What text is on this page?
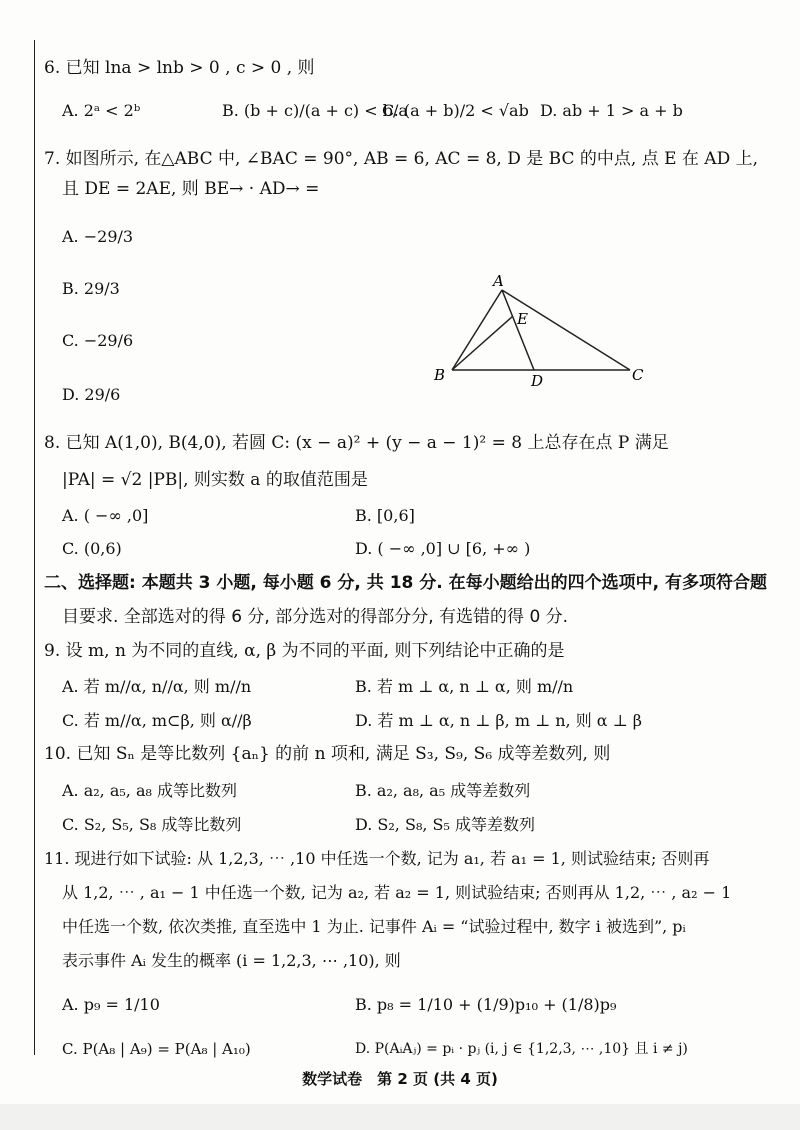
6. 已知 lna > lnb > 0 , c > 0 , 则
A. 2ᵃ < 2ᵇ	B. (b + c)/(a + c) < b/a
C. (a + b)/2 < √ab D. ab + 1 > a + b
7. 如图所示, 在△ABC 中, ∠BAC = 90°, AB = 6, AC = 8, D 是 BC 的中点, 点 E 在 AD 上,
且 DE = 2AE, 则 BE→ · AD→ =
A. −29/3
B. 29/3
C. −29/6
D. 29/6
A
B	C
D
E
8. 已知 A(1,0), B(4,0), 若圆 C: (x − a)² + (y − a − 1)² = 8 上总存在点 P 满足
|PA| = √2 |PB|, 则实数 a 的取值范围是
A. ( −∞ ,0]	B. [0,6]
C. (0,6)	D. ( −∞ ,0] ∪ [6, +∞ )
二、选择题: 本题共 3 小题, 每小题 6 分, 共 18 分. 在每小题给出的四个选项中, 有多项符合题
目要求. 全部选对的得 6 分, 部分选对的得部分分, 有选错的得 0 分.
9. 设 m, n 为不同的直线, α, β 为不同的平面, 则下列结论中正确的是
A. 若 m//α, n//α, 则 m//n	B. 若 m ⊥ α, n ⊥ α, 则 m//n
C. 若 m//α, m⊂β, 则 α//β	D. 若 m ⊥ α, n ⊥ β, m ⊥ n, 则 α ⊥ β
10. 已知 Sₙ 是等比数列 {aₙ} 的前 n 项和, 满足 S₃, S₉, S₆ 成等差数列, 则
A. a₂, a₅, a₈ 成等比数列	B. a₂, a₈, a₅ 成等差数列
C. S₂, S₅, S₈ 成等比数列	D. S₂, S₈, S₅ 成等差数列
11. 现进行如下试验: 从 1,2,3, ⋯ ,10 中任选一个数, 记为 a₁, 若 a₁ = 1, 则试验结束; 否则再
从 1,2, ⋯ , a₁ − 1 中任选一个数, 记为 a₂, 若 a₂ = 1, 则试验结束; 否则再从 1,2, ⋯ , a₂ − 1
中任选一个数, 依次类推, 直至选中 1 为止. 记事件 Aᵢ = “试验过程中, 数字 i 被选到”, pᵢ
表示事件 Aᵢ 发生的概率 (i = 1,2,3, ⋯ ,10), 则
A. p₉ = 1/10	B. p₈ = 1/10 + (1/9)p₁₀ + (1/8)p₉
C. P(A₈ | A₉) = P(A₈ | A₁₀)	D. P(AᵢAⱼ) = pᵢ · pⱼ (i, j ∈ {1,2,3, ⋯ ,10} 且 i ≠ j)
数学试卷　第 2 页 (共 4 页)
